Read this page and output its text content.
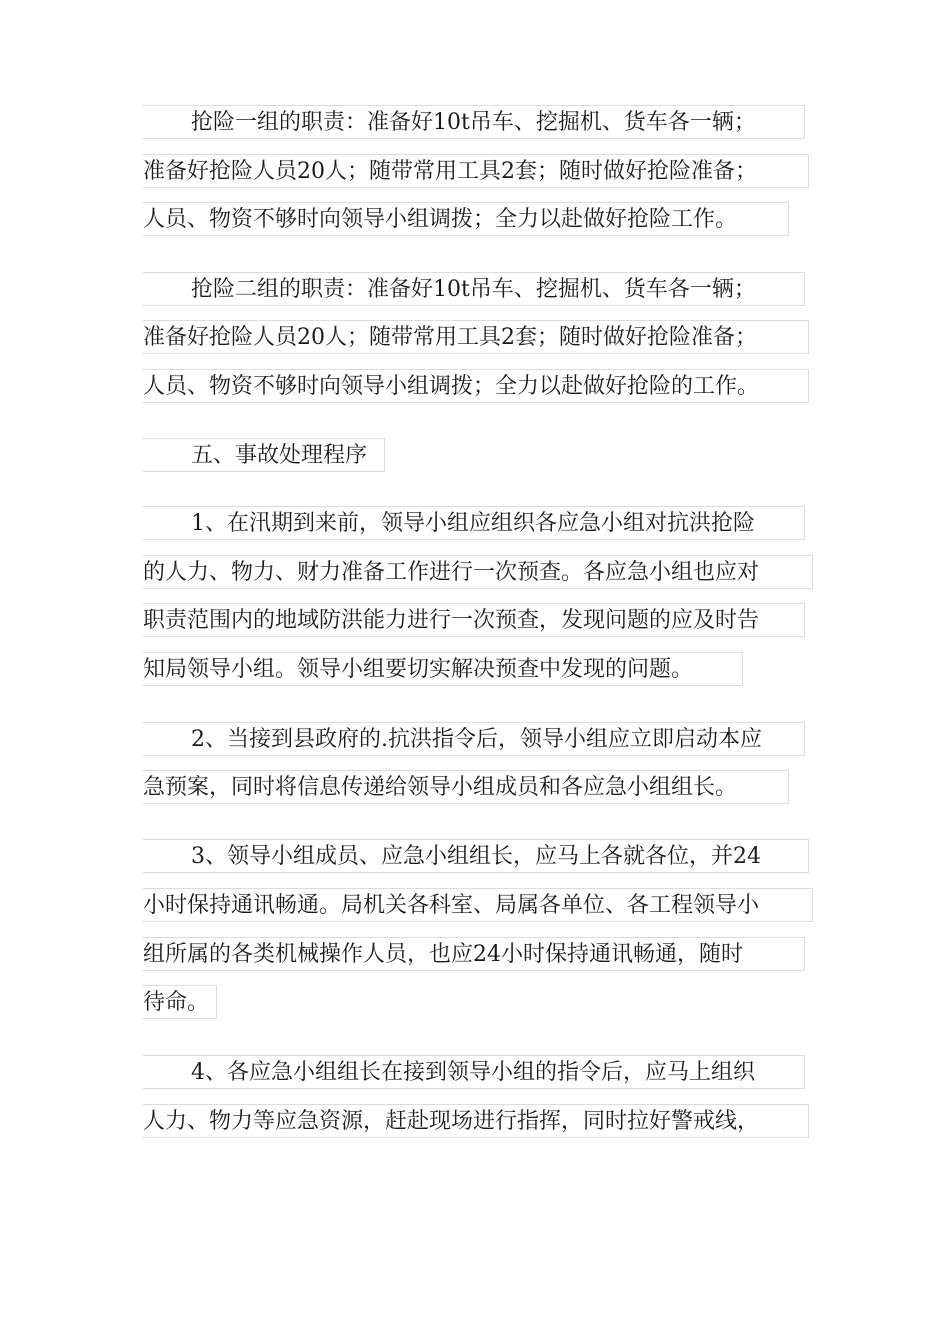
抢险一组的职责：准备好10t吊车、挖掘机、货车各一辆；
准备好抢险人员20人；随带常用工具2套；随时做好抢险准备；
人员、物资不够时向领导小组调拨；全力以赴做好抢险工作。
抢险二组的职责：准备好10t吊车、挖掘机、货车各一辆；
准备好抢险人员20人；随带常用工具2套；随时做好抢险准备；
人员、物资不够时向领导小组调拨；全力以赴做好抢险的工作。
五、事故处理程序
1、在汛期到来前，领导小组应组织各应急小组对抗洪抢险
的人力、物力、财力准备工作进行一次预查。各应急小组也应对
职责范围内的地域防洪能力进行一次预查，发现问题的应及时告
知局领导小组。领导小组要切实解决预查中发现的问题。
2、当接到县政府的.抗洪指令后，领导小组应立即启动本应
急预案，同时将信息传递给领导小组成员和各应急小组组长。
3、领导小组成员、应急小组组长，应马上各就各位，并24
小时保持通讯畅通。局机关各科室、局属各单位、各工程领导小
组所属的各类机械操作人员，也应24小时保持通讯畅通，随时
待命。
4、各应急小组组长在接到领导小组的指令后，应马上组织
人力、物力等应急资源，赶赴现场进行指挥，同时拉好警戒线，
